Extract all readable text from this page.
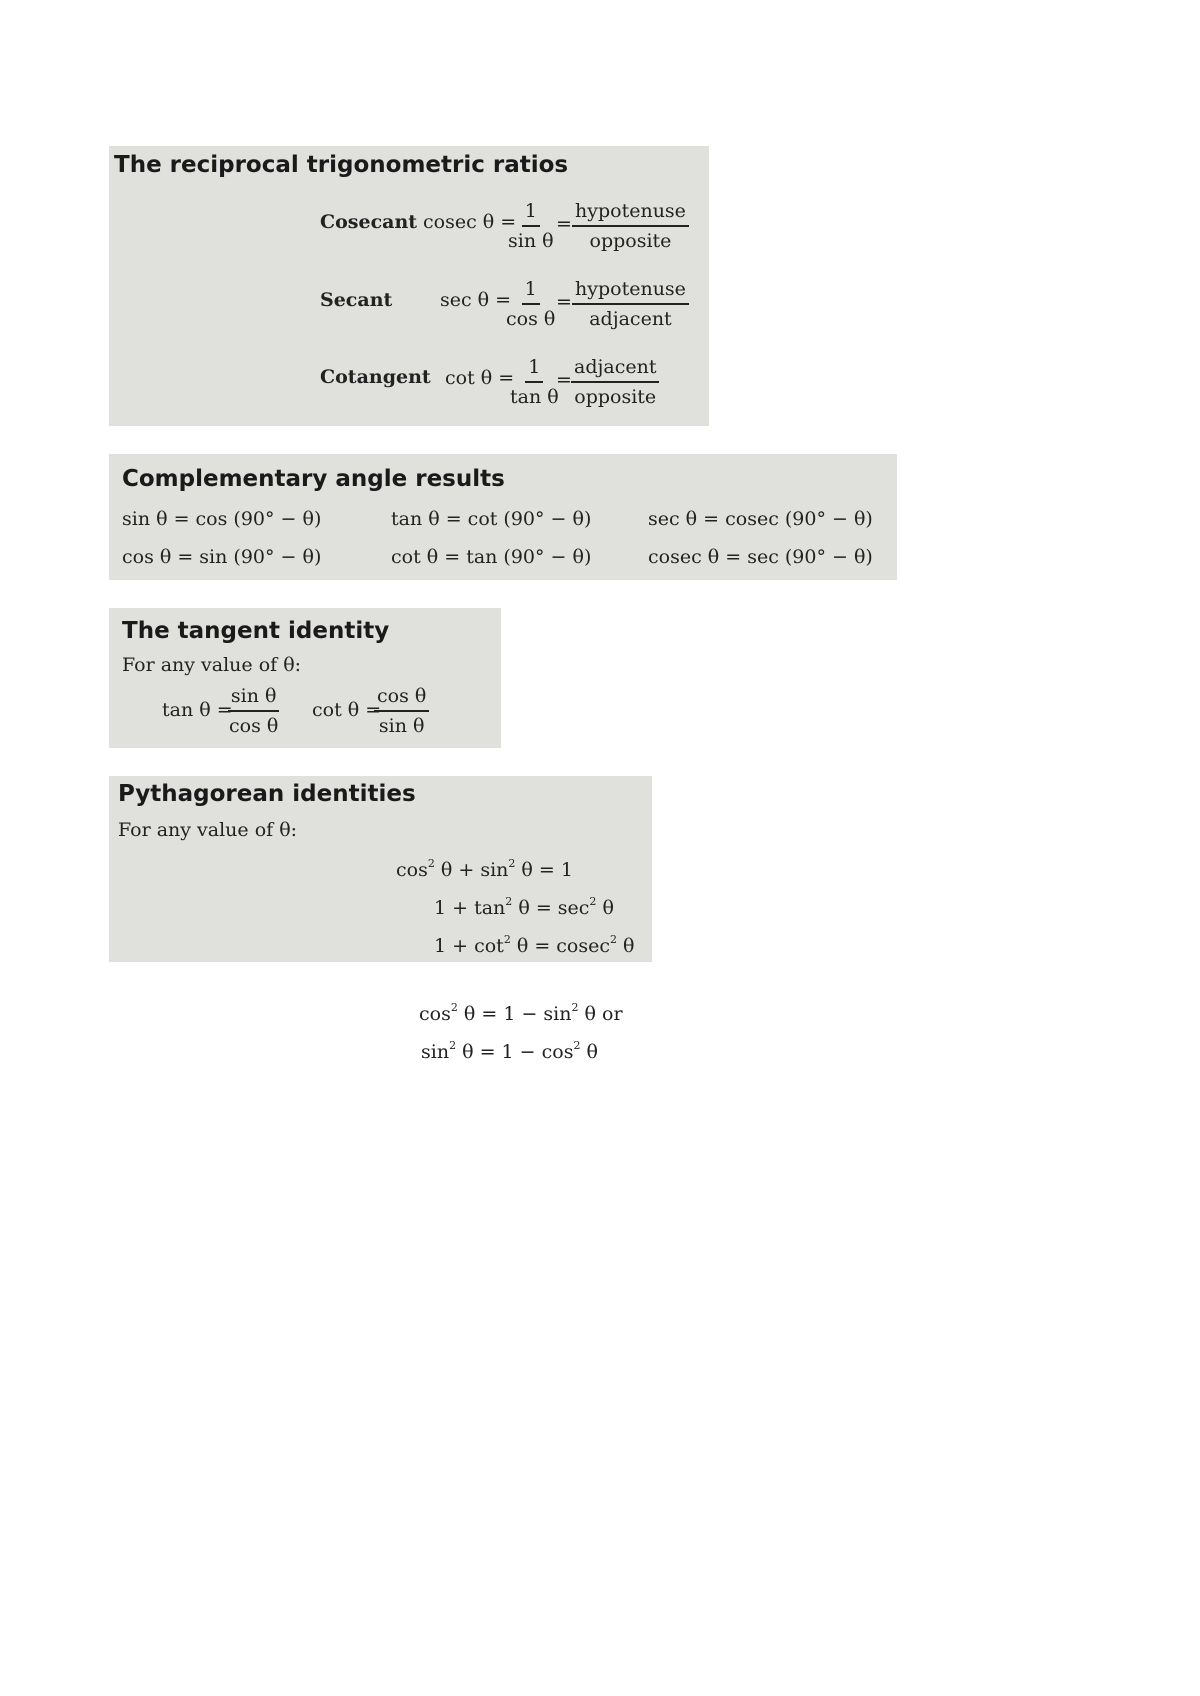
The reciprocal trigonometric ratios
Cosecant cosec θ =
$\frac{1}{\text{sin θ}}$ =
hypotenuse
opposite
Secant	sec θ =
$\frac{1}{\text{cos θ}}$
=
hypotenuse
adjacent
Cotangent cot θ =
$\frac{1}{\text{tan θ}}$
=
adjacent
opposite
Complementary angle results
sin θ = cos (90° − θ)	tan θ = cot (90° − θ)	sec θ = cosec (90° − θ)
cos θ = sin (90° − θ)	cot θ = tan (90° − θ)	cosec θ = sec (90° − θ)
The tangent identity
For any value of θ:
tan θ =
$\frac{\text{sin θ}}{\text{cos θ}}$ cot θ =
$\frac{\text{cos θ}}{\text{sin θ}}$
Pythagorean identities
For any value of θ:
$\cos^2 \theta + \sin^2 \theta = 1$
$1 + \tan^2 \theta = \sec^2 \theta$
$1 + \cot^2 \theta = cosec^2$ θ
$\cos^2 \theta = 1 - \sin^2 \theta$ or
$\sin^2 \theta = 1 - \cos^2 \theta$
